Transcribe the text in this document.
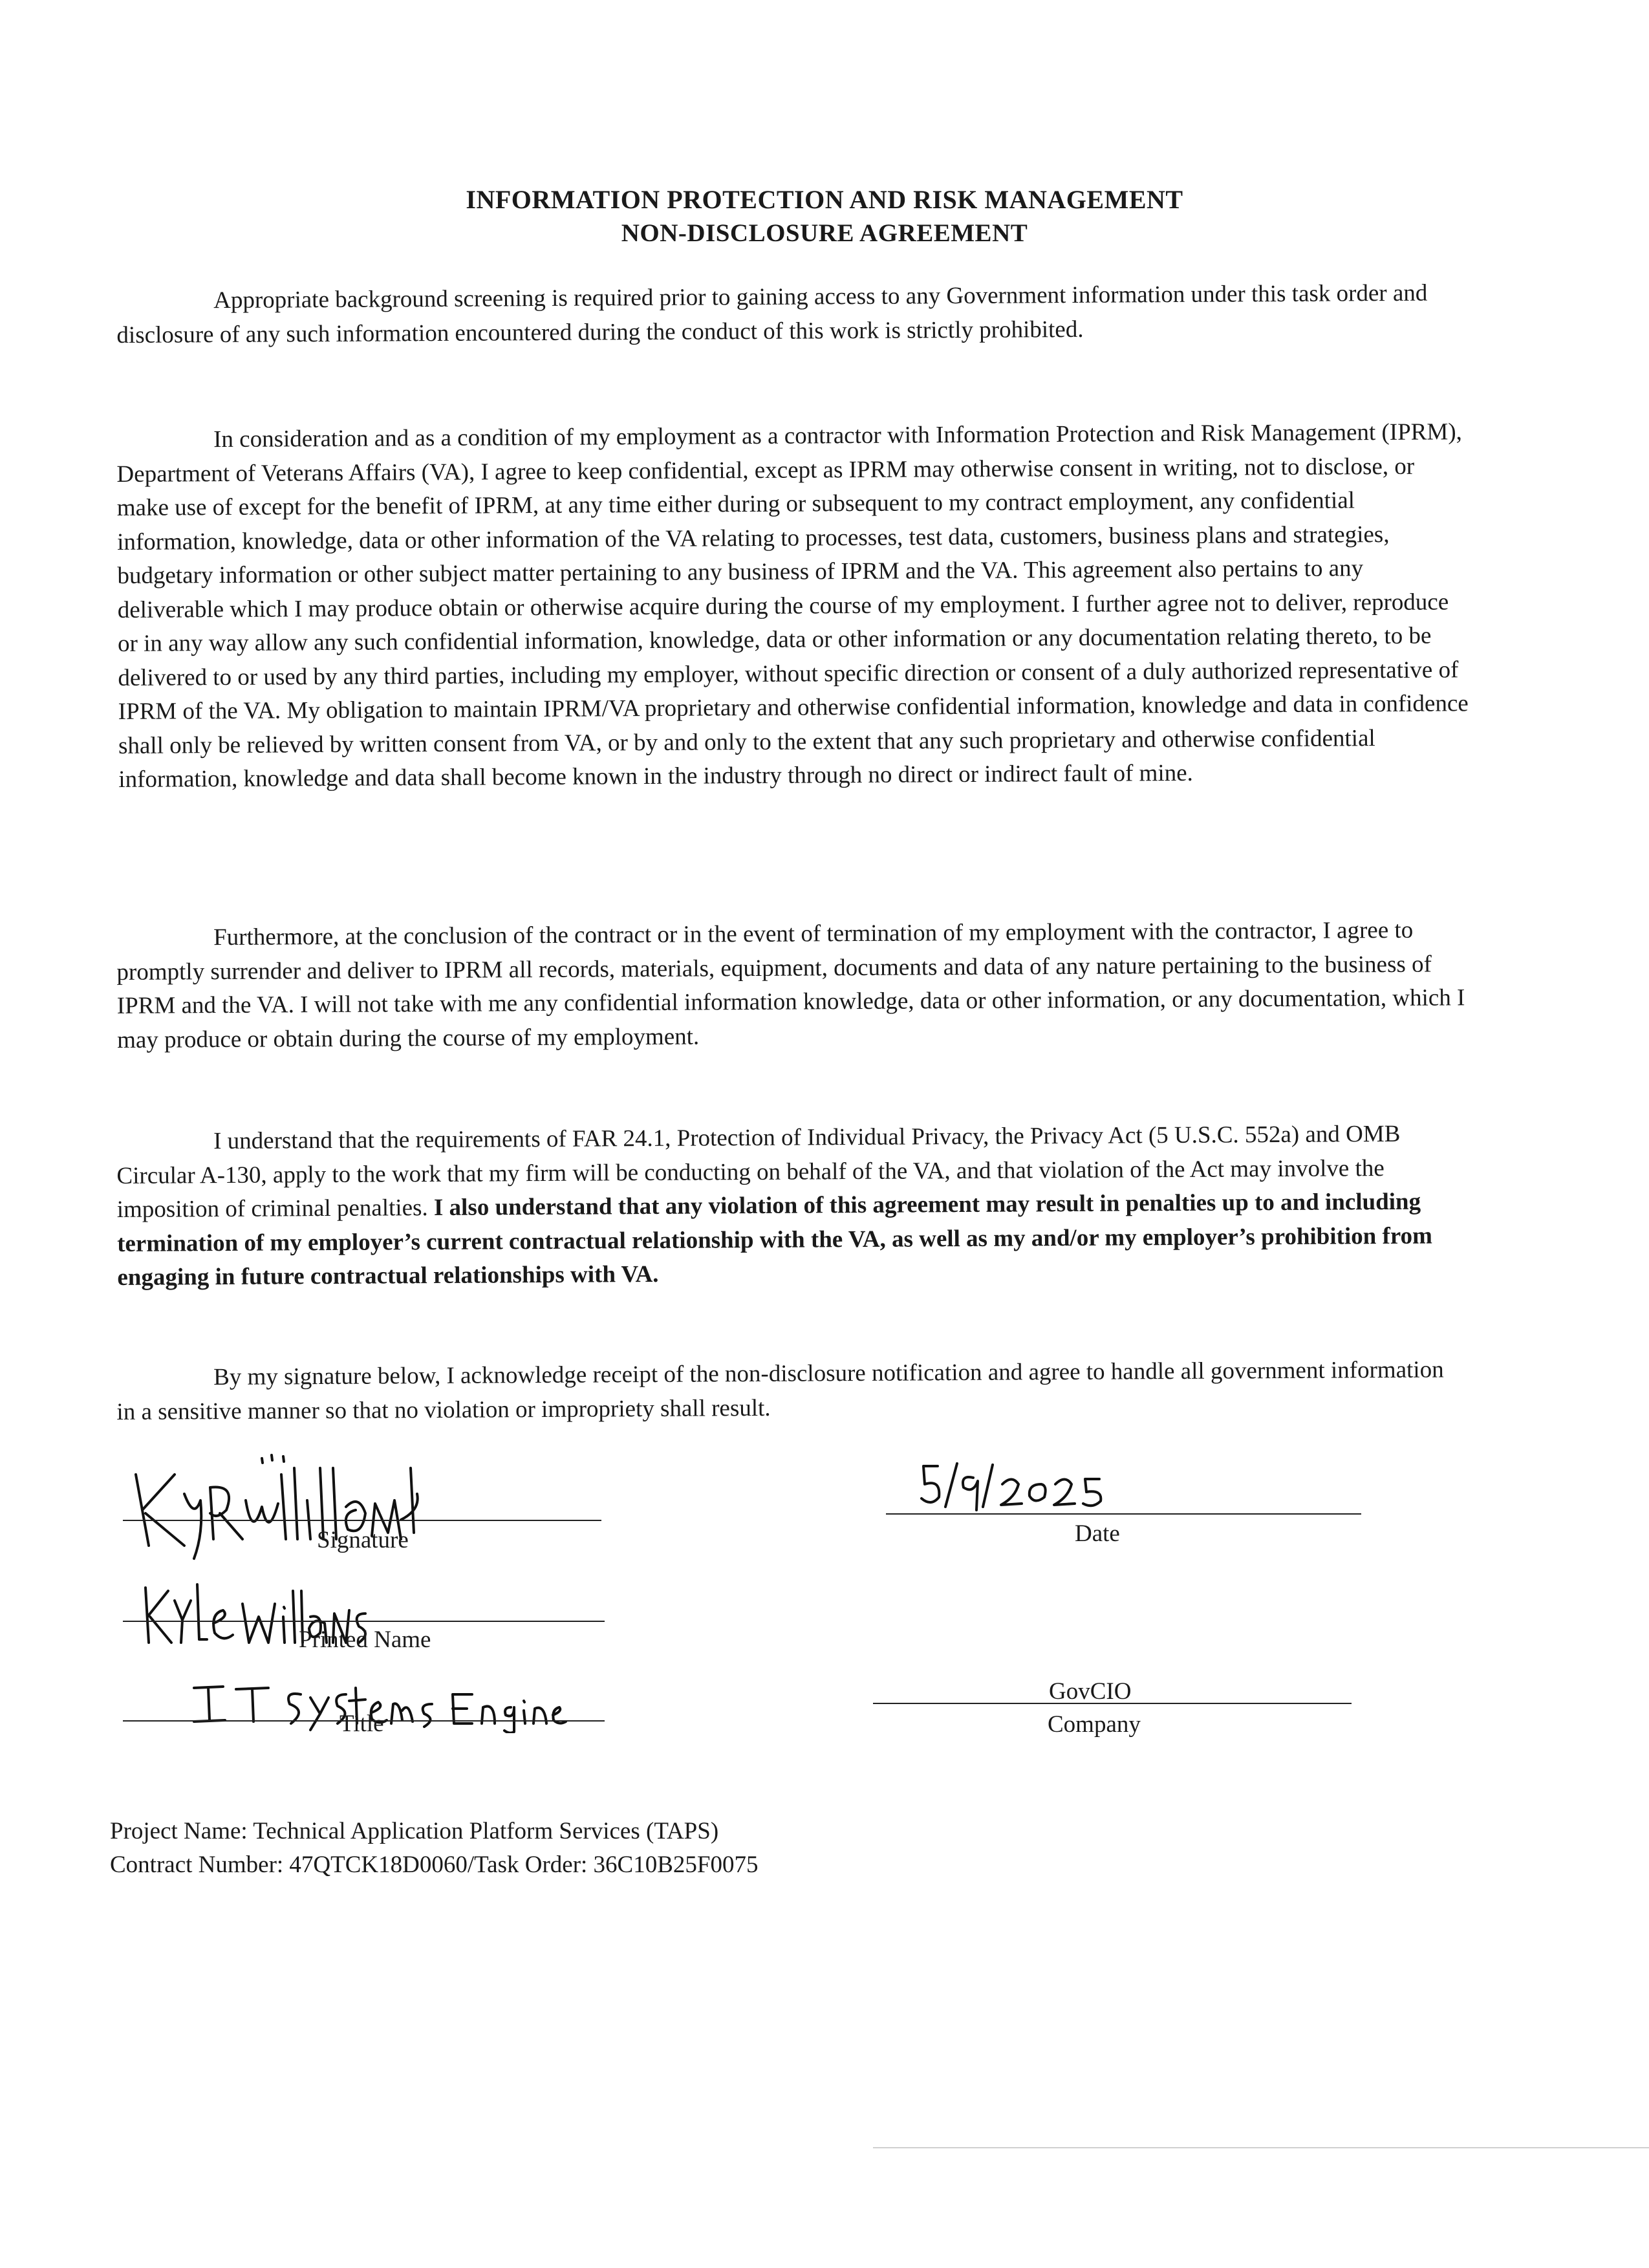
INFORMATION PROTECTION AND RISK MANAGEMENT
NON-DISCLOSURE AGREEMENT

Appropriate background screening is required prior to gaining access to any Government information under this task order and disclosure of any such information encountered during the conduct of this work is strictly prohibited.

In consideration and as a condition of my employment as a contractor with Information Protection and Risk Management (IPRM), Department of Veterans Affairs (VA), I agree to keep confidential, except as IPRM may otherwise consent in writing, not to disclose, or make use of except for the benefit of IPRM, at any time either during or subsequent to my contract employment, any confidential information, knowledge, data or other information of the VA relating to processes, test data, customers, business plans and strategies, budgetary information or other subject matter pertaining to any business of IPRM and the VA. This agreement also pertains to any deliverable which I may produce obtain or otherwise acquire during the course of my employment. I further agree not to deliver, reproduce or in any way allow any such confidential information, knowledge, data or other information or any documentation relating thereto, to be delivered to or used by any third parties, including my employer, without specific direction or consent of a duly authorized representative of IPRM of the VA. My obligation to maintain IPRM/VA proprietary and otherwise confidential information, knowledge and data in confidence shall only be relieved by written consent from VA, or by and only to the extent that any such proprietary and otherwise confidential information, knowledge and data shall become known in the industry through no direct or indirect fault of mine.

Furthermore, at the conclusion of the contract or in the event of termination of my employment with the contractor, I agree to promptly surrender and deliver to IPRM all records, materials, equipment, documents and data of any nature pertaining to the business of IPRM and the VA. I will not take with me any confidential information knowledge, data or other information, or any documentation, which I may produce or obtain during the course of my employment.

I understand that the requirements of FAR 24.1, Protection of Individual Privacy, the Privacy Act (5 U.S.C. 552a) and OMB Circular A-130, apply to the work that my firm will be conducting on behalf of the VA, and that violation of the Act may involve the imposition of criminal penalties. I also understand that any violation of this agreement may result in penalties up to and including termination of my employer’s current contractual relationship with the VA, as well as my and/or my employer’s prohibition from engaging in future contractual relationships with VA.

By my signature below, I acknowledge receipt of the non-disclosure notification and agree to handle all government information in a sensitive manner so that no violation or impropriety shall result.

Signature
Printed Name
Title
Date
GovCIO
Company
Project Name: Technical Application Platform Services (TAPS)
Contract Number: 47QTCK18D0060/Task Order: 36C10B25F0075
